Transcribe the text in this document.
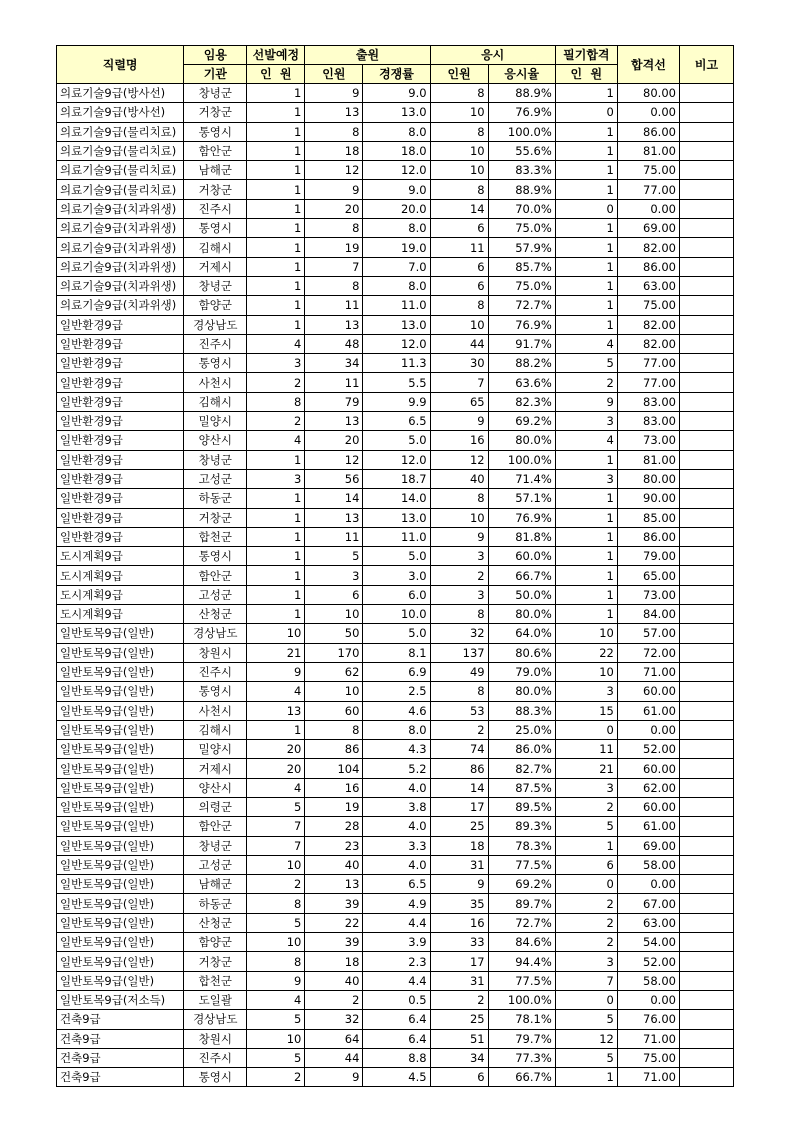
직렬명	임용	선발예정	출원		응시		필기합격	합격선	비고
	기관	인  원	인원	경쟁률	인원	응시율	인  원		
의료기술9급(방사선)	창녕군	1	9	9.0	8	88.9%	1	80.00	
의료기술9급(방사선)	거창군	1	13	13.0	10	76.9%	0	0.00	
의료기술9급(물리치료)	통영시	1	8	8.0	8	100.0%	1	86.00	
의료기술9급(물리치료)	함안군	1	18	18.0	10	55.6%	1	81.00	
의료기술9급(물리치료)	남해군	1	12	12.0	10	83.3%	1	75.00	
의료기술9급(물리치료)	거창군	1	9	9.0	8	88.9%	1	77.00	
의료기술9급(치과위생)	진주시	1	20	20.0	14	70.0%	0	0.00	
의료기술9급(치과위생)	통영시	1	8	8.0	6	75.0%	1	69.00	
의료기술9급(치과위생)	김해시	1	19	19.0	11	57.9%	1	82.00	
의료기술9급(치과위생)	거제시	1	7	7.0	6	85.7%	1	86.00	
의료기술9급(치과위생)	창녕군	1	8	8.0	6	75.0%	1	63.00	
의료기술9급(치과위생)	함양군	1	11	11.0	8	72.7%	1	75.00	
일반환경9급	경상남도	1	13	13.0	10	76.9%	1	82.00	
일반환경9급	진주시	4	48	12.0	44	91.7%	4	82.00	
일반환경9급	통영시	3	34	11.3	30	88.2%	5	77.00	
일반환경9급	사천시	2	11	5.5	7	63.6%	2	77.00	
일반환경9급	김해시	8	79	9.9	65	82.3%	9	83.00	
일반환경9급	밀양시	2	13	6.5	9	69.2%	3	83.00	
일반환경9급	양산시	4	20	5.0	16	80.0%	4	73.00	
일반환경9급	창녕군	1	12	12.0	12	100.0%	1	81.00	
일반환경9급	고성군	3	56	18.7	40	71.4%	3	80.00	
일반환경9급	하동군	1	14	14.0	8	57.1%	1	90.00	
일반환경9급	거창군	1	13	13.0	10	76.9%	1	85.00	
일반환경9급	합천군	1	11	11.0	9	81.8%	1	86.00	
도시계획9급	통영시	1	5	5.0	3	60.0%	1	79.00	
도시계획9급	함안군	1	3	3.0	2	66.7%	1	65.00	
도시계획9급	고성군	1	6	6.0	3	50.0%	1	73.00	
도시계획9급	산청군	1	10	10.0	8	80.0%	1	84.00	
일반토목9급(일반)	경상남도	10	50	5.0	32	64.0%	10	57.00	
일반토목9급(일반)	창원시	21	170	8.1	137	80.6%	22	72.00	
일반토목9급(일반)	진주시	9	62	6.9	49	79.0%	10	71.00	
일반토목9급(일반)	통영시	4	10	2.5	8	80.0%	3	60.00	
일반토목9급(일반)	사천시	13	60	4.6	53	88.3%	15	61.00	
일반토목9급(일반)	김해시	1	8	8.0	2	25.0%	0	0.00	
일반토목9급(일반)	밀양시	20	86	4.3	74	86.0%	11	52.00	
일반토목9급(일반)	거제시	20	104	5.2	86	82.7%	21	60.00	
일반토목9급(일반)	양산시	4	16	4.0	14	87.5%	3	62.00	
일반토목9급(일반)	의령군	5	19	3.8	17	89.5%	2	60.00	
일반토목9급(일반)	함안군	7	28	4.0	25	89.3%	5	61.00	
일반토목9급(일반)	창녕군	7	23	3.3	18	78.3%	1	69.00	
일반토목9급(일반)	고성군	10	40	4.0	31	77.5%	6	58.00	
일반토목9급(일반)	남해군	2	13	6.5	9	69.2%	0	0.00	
일반토목9급(일반)	하동군	8	39	4.9	35	89.7%	2	67.00	
일반토목9급(일반)	산청군	5	22	4.4	16	72.7%	2	63.00	
일반토목9급(일반)	함양군	10	39	3.9	33	84.6%	2	54.00	
일반토목9급(일반)	거창군	8	18	2.3	17	94.4%	3	52.00	
일반토목9급(일반)	합천군	9	40	4.4	31	77.5%	7	58.00	
일반토목9급(저소득)	도일괄	4	2	0.5	2	100.0%	0	0.00	
건축9급	경상남도	5	32	6.4	25	78.1%	5	76.00	
건축9급	창원시	10	64	6.4	51	79.7%	12	71.00	
건축9급	진주시	5	44	8.8	34	77.3%	5	75.00	
건축9급	통영시	2	9	4.5	6	66.7%	1	71.00	
